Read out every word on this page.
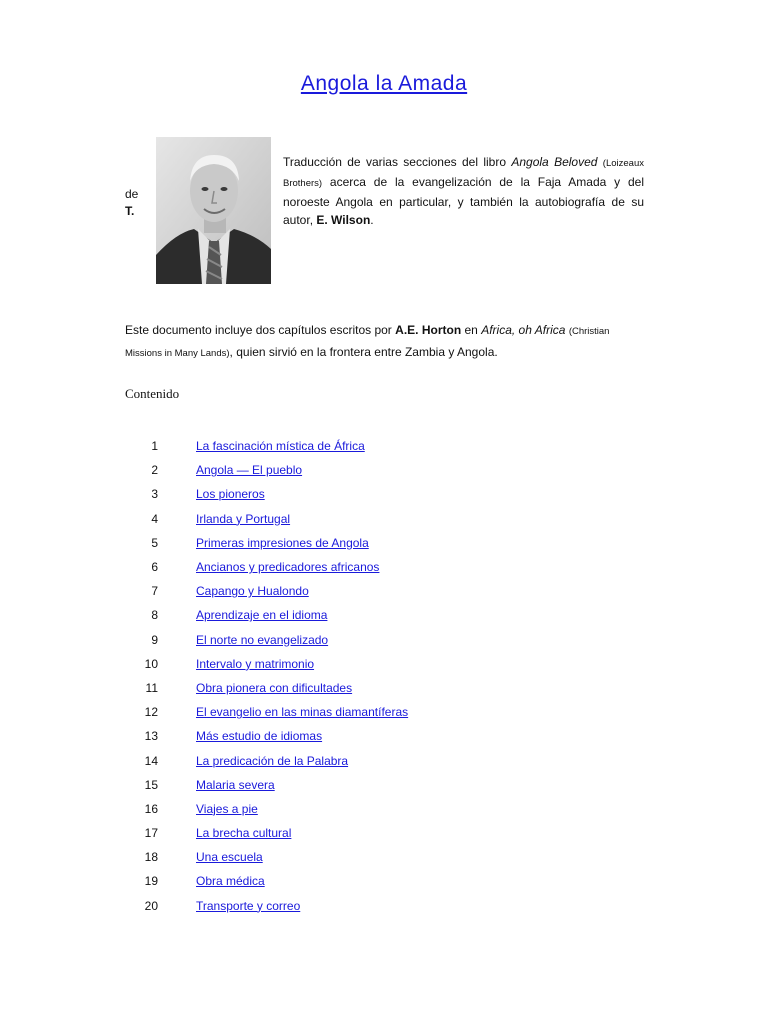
Angola la Amada
de
T.
Traducción de varias secciones del libro Angola Beloved (Loizeaux Brothers) acerca de la evangelización de la Faja Amada y del noroeste Angola en particular, y también la autobiografía de su autor, E. Wilson.
Este documento incluye dos capítulos escritos por A.E. Horton en Africa, oh Africa (Christian Missions in Many Lands), quien sirvió en la frontera entre Zambia y Angola.
Contenido
1	La fascinación mística de África
2	Angola — El pueblo
3	Los pioneros
4	Irlanda y Portugal
5	Primeras impresiones de Angola
6	Ancianos y predicadores africanos
7	Capango y Hualondo
8	Aprendizaje en el idioma
9	El norte no evangelizado
10	Intervalo y matrimonio
11	Obra pionera con dificultades
12	El evangelio en las minas diamantíferas
13	Más estudio de idiomas
14	La predicación de la Palabra
15	Malaria severa
16	Viajes a pie
17	La brecha cultural
18	Una escuela
19	Obra médica
20	Transporte y correo
